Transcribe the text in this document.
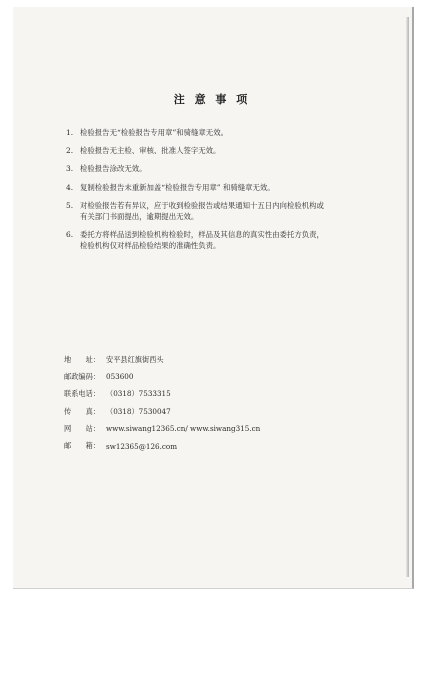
注 意 事 项
1. 检验报告无“检验报告专用章”和骑缝章无效。
2. 检验报告无主检、审核、批准人签字无效。
3. 检验报告涂改无效。
4. 复制检验报告未重新加盖“检验报告专用章” 和骑缝章无效。
5. 对检验报告若有异议，应于收到检验报告或结果通知十五日内向检验机构或
有关部门书面提出，逾期提出无效。
6. 委托方将样品送到检验机构检验时，样品及其信息的真实性由委托方负责，
检验机构仅对样品检验结果的准确性负责。
地　　址： 安平县红旗街西头
邮政编码： 053600
联系电话： （0318）7533315
传　　真： （0318）7530047
网　　站： www.siwang12365.cn/ www.siwang315.cn
邮　　箱： sw12365@126.com
